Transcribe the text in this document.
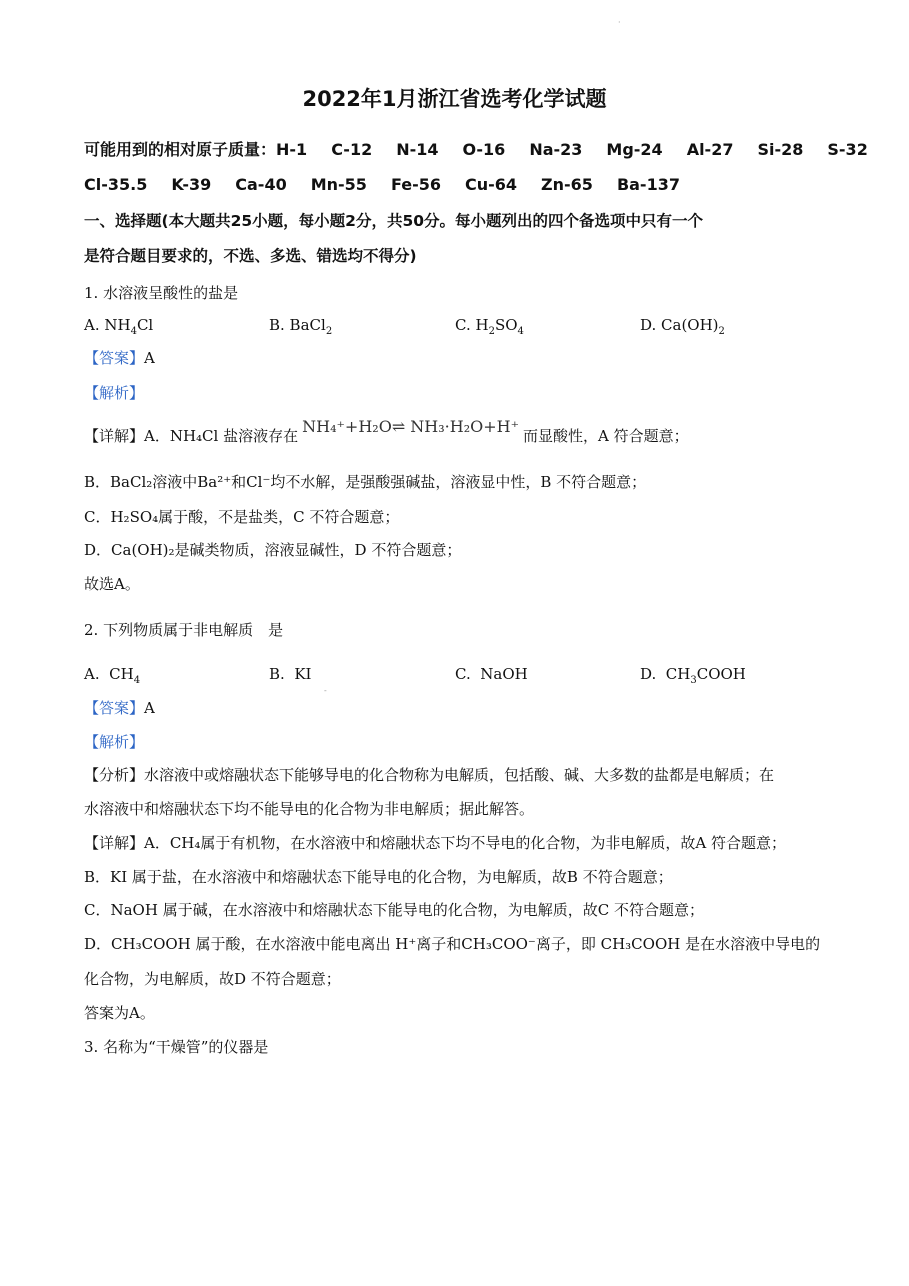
·
2022年1月浙江省选考化学试题
可能用到的相对原子质量：H-1 C-12 N-14 O-16 Na-23 Mg-24 Al-27 Si-28 S-32
Cl-35.5 K-39 Ca-40 Mn-55 Fe-56 Cu-64 Zn-65 Ba-137
一、选择题(本大题共25小题，每小题2分，共50分。每小题列出的四个备选项中只有一个
是符合题目要求的，不选、多选、错选均不得分)
1. 水溶液呈酸性的盐是
A. $NH_4Cl$	B. BaCl$_2$	C. $H_2SO_4$	D. $Ca(OH)_2$
【答案】A
【解析】
【详解】A．NH₄Cl 盐溶液存在 NH₄⁺+H₂O⇌ NH₃·H₂O+H⁺ 而显酸性，A 符合题意；
B．BaCl₂溶液中Ba²⁺和Cl⁻均不水解，是强酸强碱盐，溶液显中性，B 不符合题意；
C．H₂SO₄属于酸，不是盐类，C 不符合题意；
D．Ca(OH)₂是碱类物质，溶液显碱性，D 不符合题意；
故选A。
2. 下列物质属于非电解质　是
A.  $CH_4$	B.  KI	C.  NaOH	D.  $CH_3COOH$
-
【答案】A
【解析】
【分析】水溶液中或熔融状态下能够导电的化合物称为电解质，包括酸、碱、大多数的盐都是电解质；在
水溶液中和熔融状态下均不能导电的化合物为非电解质；据此解答。
【详解】A．CH₄属于有机物，在水溶液中和熔融状态下均不导电的化合物，为非电解质，故A 符合题意；
B．KI 属于盐，在水溶液中和熔融状态下能导电的化合物，为电解质，故B 不符合题意；
C．NaOH 属于碱，在水溶液中和熔融状态下能导电的化合物，为电解质，故C 不符合题意；
D．CH₃COOH 属于酸，在水溶液中能电离出 H⁺离子和CH₃COO⁻离子，即 CH₃COOH 是在水溶液中导电的
化合物，为电解质，故D 不符合题意；
答案为A。
3. 名称为“干燥管”的仪器是
